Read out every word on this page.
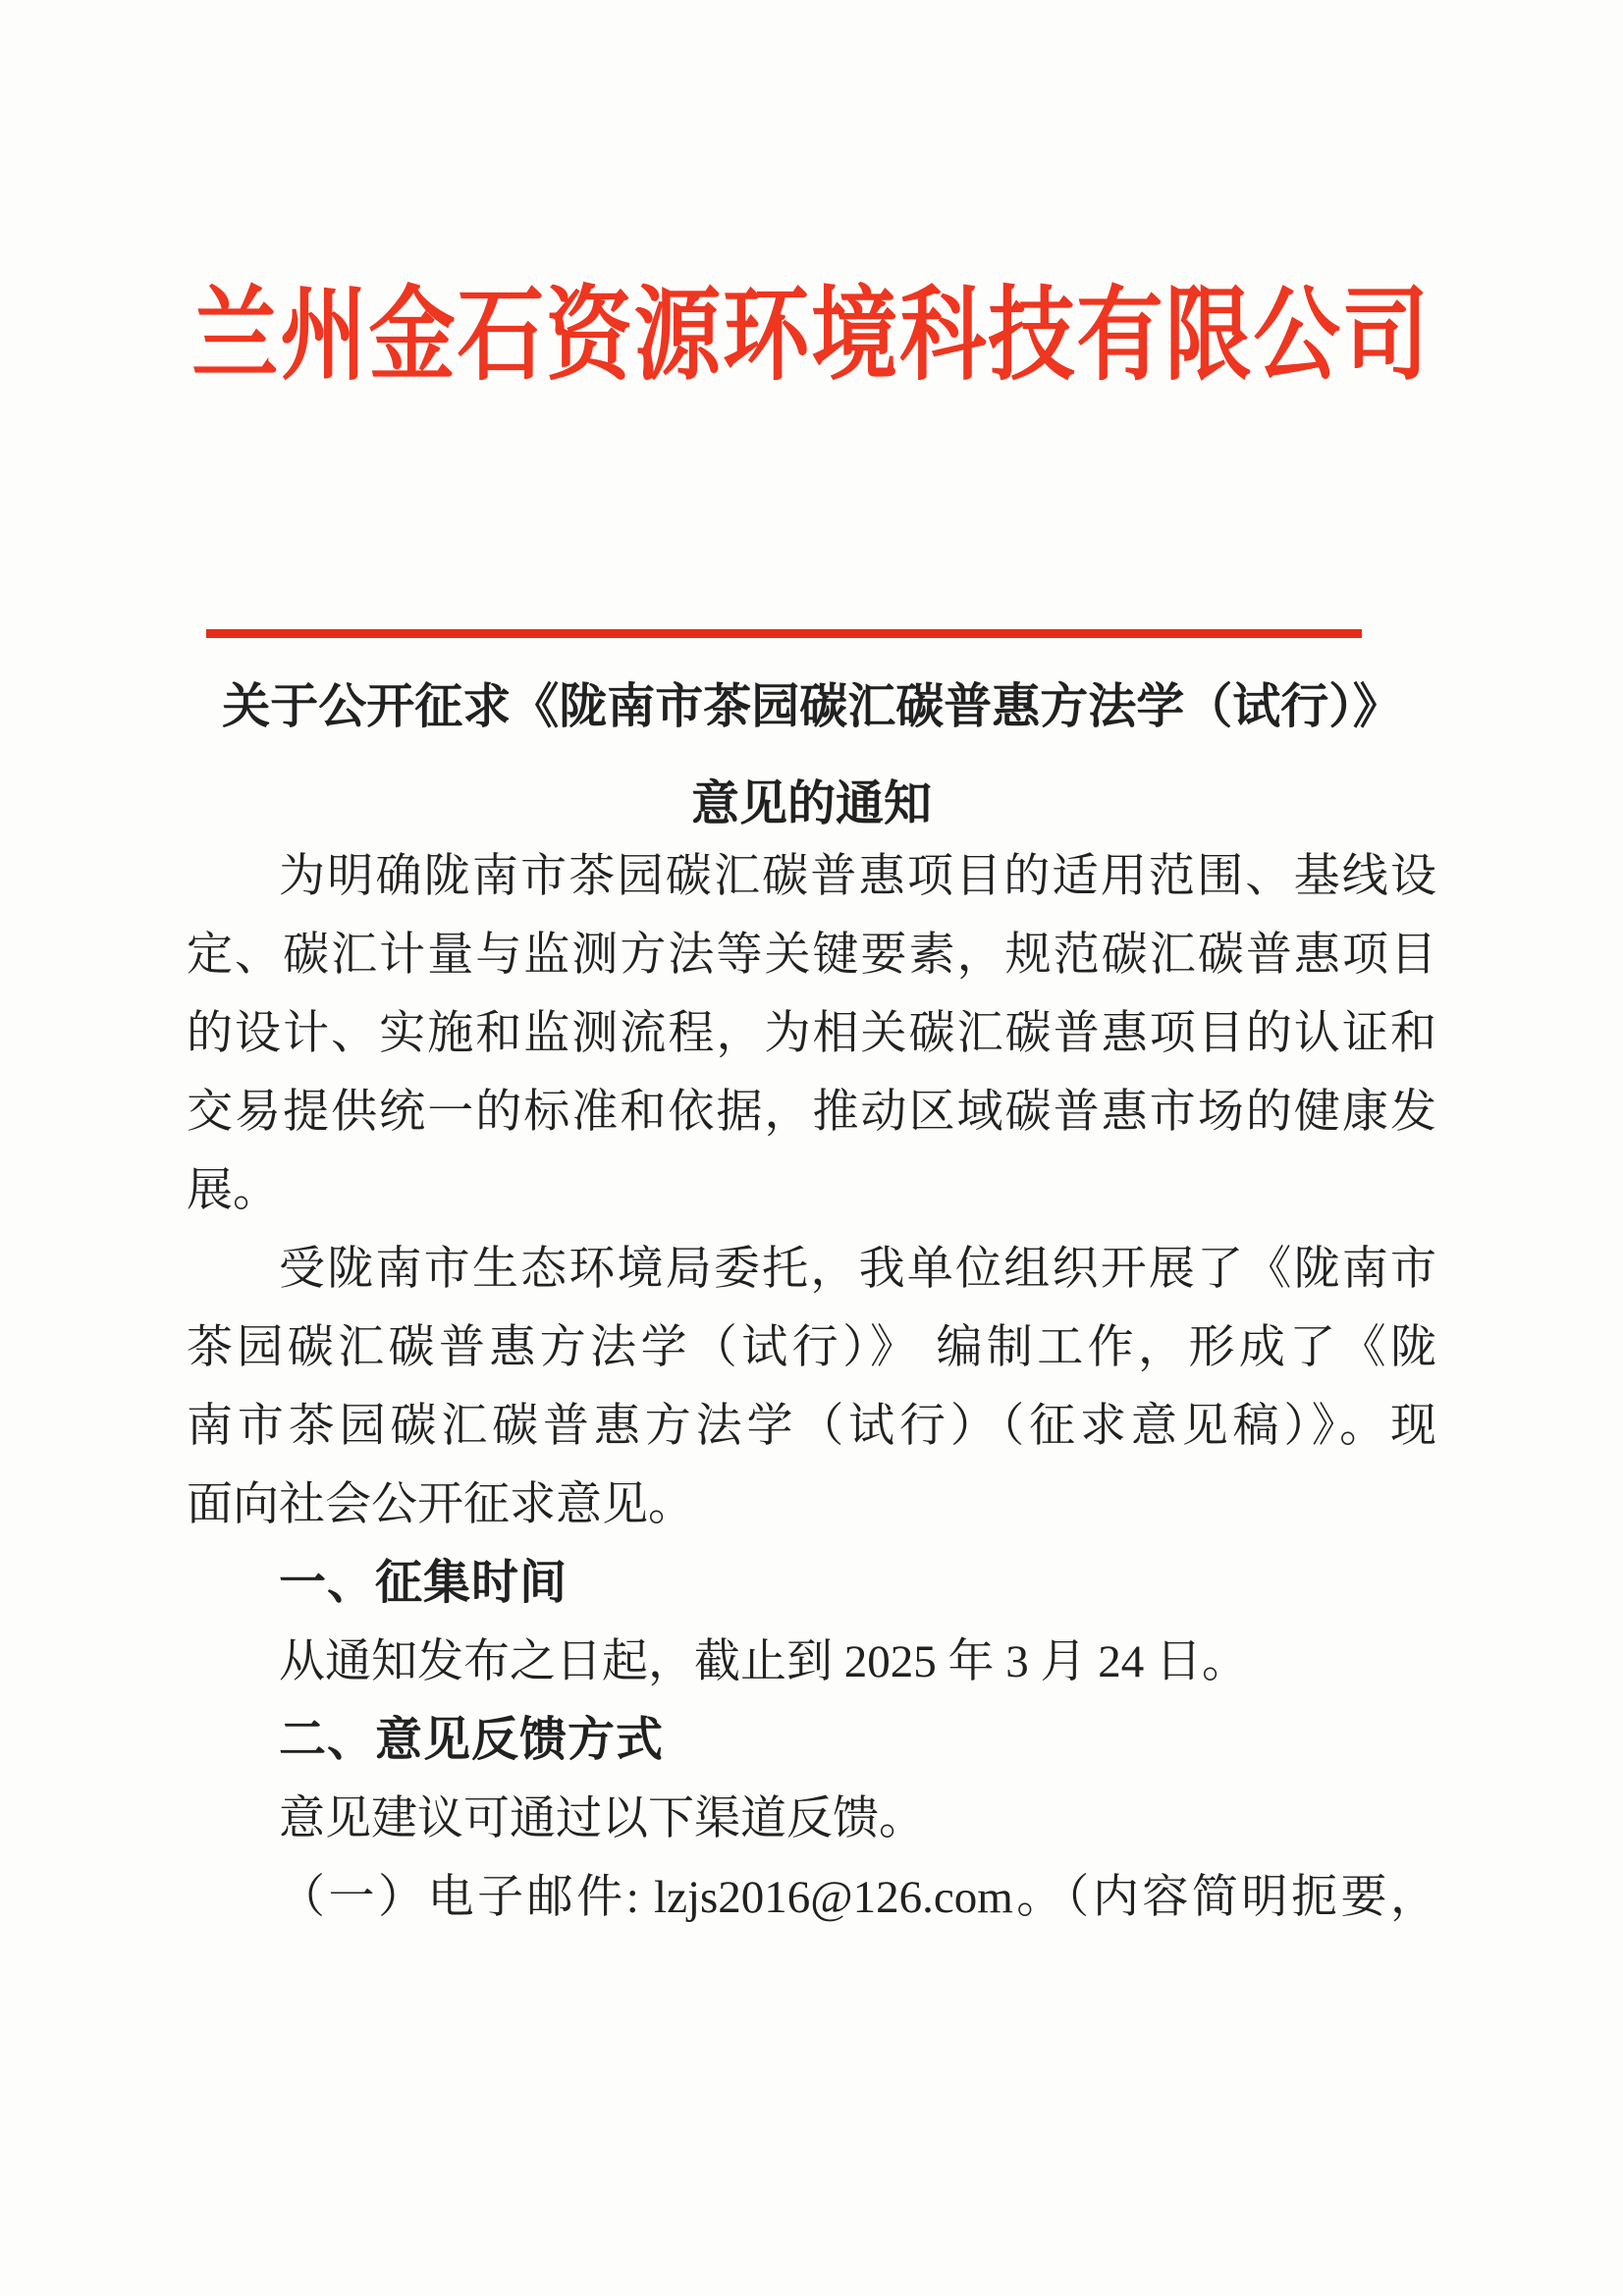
兰州金石资源环境科技有限公司
关于公开征求《陇南市茶园碳汇碳普惠方法学（试行）》
意见的通知
为明确陇南市茶园碳汇碳普惠项目的适用范围、基线设
定、碳汇计量与监测方法等关键要素，规范碳汇碳普惠项目
的设计、实施和监测流程，为相关碳汇碳普惠项目的认证和
交易提供统一的标准和依据，推动区域碳普惠市场的健康发
展。
受陇南市生态环境局委托，我单位组织开展了《陇南市
茶园碳汇碳普惠方法学（试行）》 编制工作，形成了《陇
南市茶园碳汇碳普惠方法学（试行）（征求意见稿）》。现
面向社会公开征求意见。
一、征集时间
从通知发布之日起，截止到 2025 年 3 月 24 日。
二、意见反馈方式
意见建议可通过以下渠道反馈。
（一）电子邮件: lzjs2016@126.com。（内容简明扼要，
